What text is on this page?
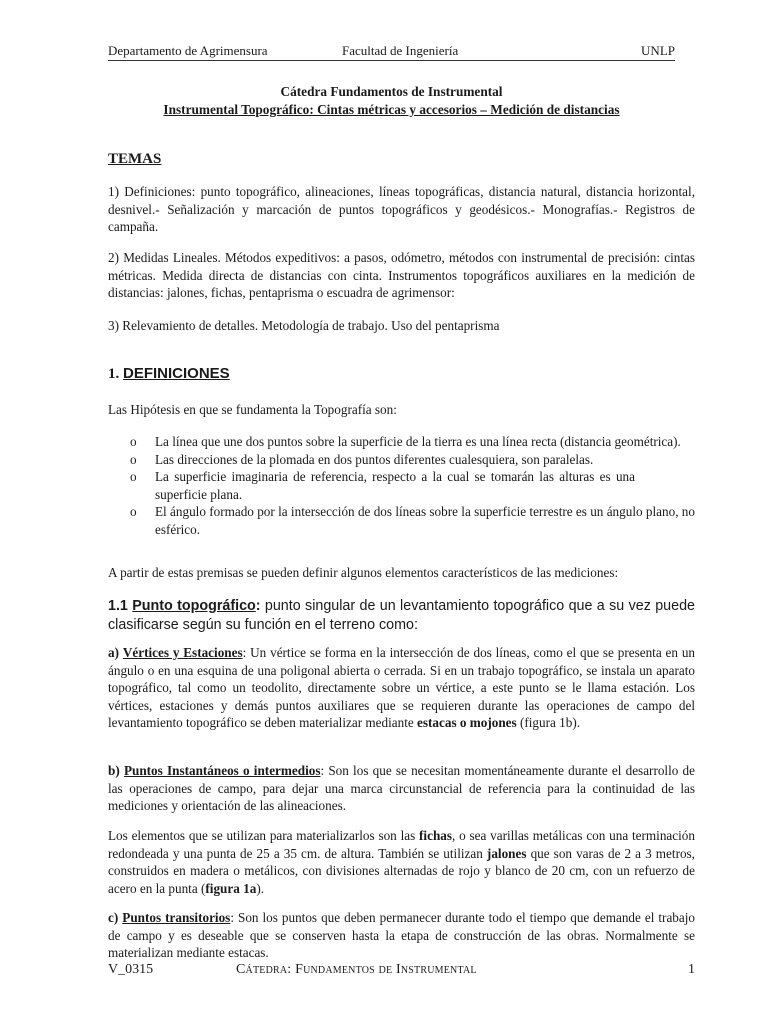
Departamento de Agrimensura	Facultad de Ingeniería	UNLP
Cátedra Fundamentos de Instrumental
Instrumental Topográfico: Cintas métricas y accesorios – Medición de distancias
TEMAS

1) Definiciones: punto topográfico, alineaciones, líneas topográficas, distancia natural, distancia horizontal, desnivel.- Señalización y marcación de puntos topográficos y geodésicos.- Monografías.- Registros de campaña.

2) Medidas Lineales. Métodos expeditivos: a pasos, odómetro, métodos con instrumental de precisión: cintas métricas. Medida directa de distancias con cinta. Instrumentos topográficos auxiliares en la medición de distancias: jalones, fichas, pentaprisma o escuadra de agrimensor:

3) Relevamiento de detalles. Metodología de trabajo. Uso del pentaprisma

1. DEFINICIONES

Las Hipótesis en que se fundamenta la Topografía son:

o La línea que une dos puntos sobre la superficie de la tierra es una línea recta (distancia geométrica).
o Las direcciones de la plomada en dos puntos diferentes cualesquiera, son paralelas.
o La superficie imaginaria de referencia, respecto a la cual se tomarán las alturas es una superficie plana.
o El ángulo formado por la intersección de dos líneas sobre la superficie terrestre es un ángulo plano, no esférico.

A partir de estas premisas se pueden definir algunos elementos característicos de las mediciones:

1.1 Punto topográfico: punto singular de un levantamiento topográfico que a su vez puede clasificarse según su función en el terreno como:

a) Vértices y Estaciones: Un vértice se forma en la intersección de dos líneas, como el que se presenta en un ángulo o en una esquina de una poligonal abierta o cerrada. Si en un trabajo topográfico, se instala un aparato topográfico, tal como un teodolito, directamente sobre un vértice, a este punto se le llama estación. Los vértices, estaciones y demás puntos auxiliares que se requieren durante las operaciones de campo del levantamiento topográfico se deben materializar mediante estacas o mojones (figura 1b).

b) Puntos Instantáneos o intermedios: Son los que se necesitan momentáneamente durante el desarrollo de las operaciones de campo, para dejar una marca circunstancial de referencia para la continuidad de las mediciones y orientación de las alineaciones.

Los elementos que se utilizan para materializarlos son las fichas, o sea varillas metálicas con una terminación redondeada y una punta de 25 a 35 cm. de altura. También se utilizan jalones que son varas de 2 a 3 metros, construidos en madera o metálicos, con divisiones alternadas de rojo y blanco de 20 cm, con un refuerzo de acero en la punta (figura 1a).

c) Puntos transitorios: Son los puntos que deben permanecer durante todo el tiempo que demande el trabajo de campo y es deseable que se conserven hasta la etapa de construcción de las obras. Normalmente se materializan mediante estacas.

V_0315	Cátedra: Fundamentos de Instrumental	1
